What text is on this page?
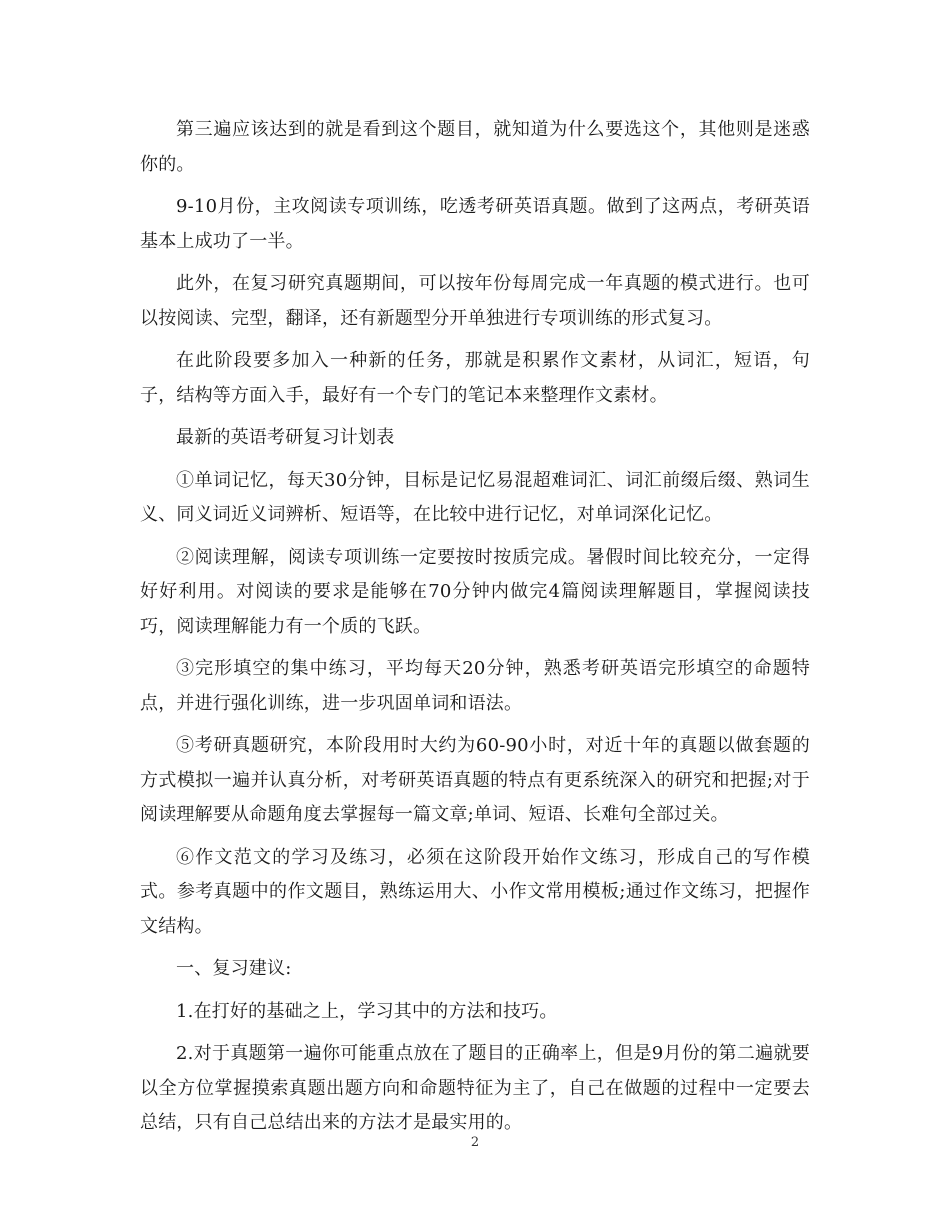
第三遍应该达到的就是看到这个题目，就知道为什么要选这个，其他则是迷惑你的。

9-10月份，主攻阅读专项训练，吃透考研英语真题。做到了这两点，考研英语基本上成功了一半。

此外，在复习研究真题期间，可以按年份每周完成一年真题的模式进行。也可以按阅读、完型，翻译，还有新题型分开单独进行专项训练的形式复习。

在此阶段要多加入一种新的任务，那就是积累作文素材，从词汇，短语，句子，结构等方面入手，最好有一个专门的笔记本来整理作文素材。

最新的英语考研复习计划表

①单词记忆，每天30分钟，目标是记忆易混超难词汇、词汇前缀后缀、熟词生义、同义词近义词辨析、短语等，在比较中进行记忆，对单词深化记忆。

②阅读理解，阅读专项训练一定要按时按质完成。暑假时间比较充分，一定得好好利用。对阅读的要求是能够在70分钟内做完4篇阅读理解题目，掌握阅读技巧，阅读理解能力有一个质的飞跃。

③完形填空的集中练习，平均每天20分钟，熟悉考研英语完形填空的命题特点，并进行强化训练，进一步巩固单词和语法。

⑤考研真题研究，本阶段用时大约为60-90小时，对近十年的真题以做套题的方式模拟一遍并认真分析，对考研英语真题的特点有更系统深入的研究和把握;对于阅读理解要从命题角度去掌握每一篇文章;单词、短语、长难句全部过关。

⑥作文范文的学习及练习，必须在这阶段开始作文练习，形成自己的写作模式。参考真题中的作文题目，熟练运用大、小作文常用模板;通过作文练习，把握作文结构。

一、复习建议:

1.在打好的基础之上，学习其中的方法和技巧。

2.对于真题第一遍你可能重点放在了题目的正确率上，但是9月份的第二遍就要以全方位掌握摸索真题出题方向和命题特征为主了，自己在做题的过程中一定要去总结，只有自己总结出来的方法才是最实用的。

2
